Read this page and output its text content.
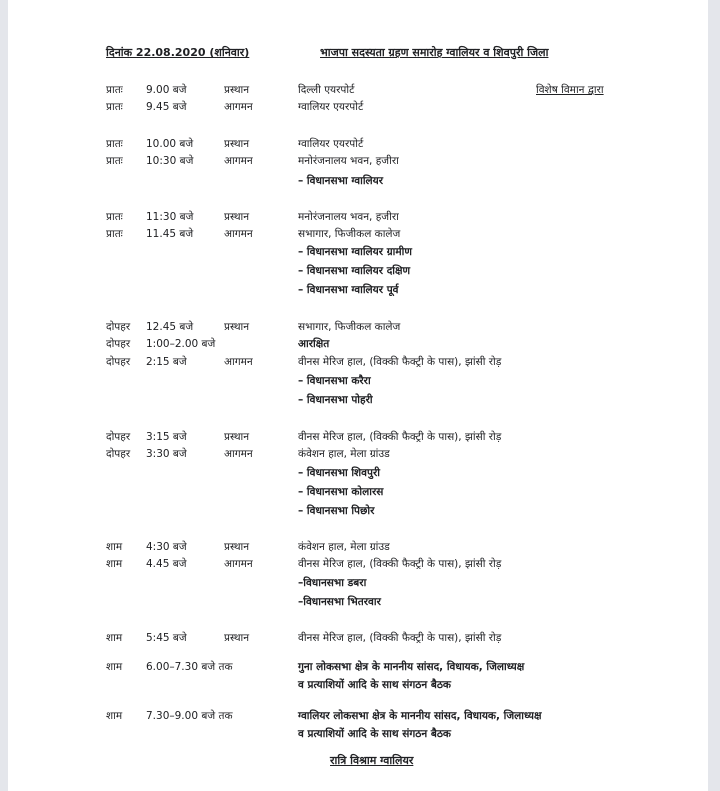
दिनांक 22.08.2020 (शनिवार)	भाजपा सदस्यता ग्रहण समारोह ग्वालियर व शिवपुरी जिला
प्रातः 9.00 बजे	प्रस्थान	दिल्ली एयरपोर्ट	विशेष विमान द्वारा
प्रातः 9.45 बजे	आगमन	ग्वालियर एयरपोर्ट
प्रातः 10.00 बजे	प्रस्थान	ग्वालियर एयरपोर्ट
प्रातः 10:30 बजे	आगमन	मनोरंजनालय भवन, हजीरा
– विधानसभा ग्वालियर
प्रातः 11:30 बजे	प्रस्थान	मनोरंजनालय भवन, हजीरा
प्रातः 11.45 बजे	आगमन	सभागार, फिजीकल कालेज
– विधानसभा ग्वालियर ग्रामीण
– विधानसभा ग्वालियर दक्षिण
– विधानसभा ग्वालियर पूर्व
दोपहर 12.45 बजे	प्रस्थान	सभागार, फिजीकल कालेज
दोपहर 1:00–2.00 बजे	आरक्षित
दोपहर 2:15 बजे	आगमन	वीनस मेरिज हाल, (विक्की फैक्ट्री के पास), झांसी रोड़
– विधानसभा करैरा
– विधानसभा पोहरी
दोपहर 3:15 बजे	प्रस्थान	वीनस मेरिज हाल, (विक्की फैक्ट्री के पास), झांसी रोड़
दोपहर 3:30 बजे	आगमन	कंवेशन हाल, मेला ग्रांउड
– विधानसभा शिवपुरी
– विधानसभा कोलारस
– विधानसभा पिछोर
शाम 4:30 बजे	प्रस्थान	कंवेशन हाल, मेला ग्रांउड
शाम 4.45 बजे	आगमन	वीनस मेरिज हाल, (विक्की फैक्ट्री के पास), झांसी रोड़
–विधानसभा डबरा
–विधानसभा भितरवार
शाम 5:45 बजे	प्रस्थान	वीनस मेरिज हाल, (विक्की फैक्ट्री के पास), झांसी रोड़
शाम 6.00–7.30 बजे तक	गुना लोकसभा क्षेत्र के माननीय सांसद, विधायक, जिलाध्यक्ष
व प्रत्याशियों आदि के साथ संगठन बैठक
शाम 7.30–9.00 बजे तक	ग्वालियर लोकसभा क्षेत्र के माननीय सांसद, विधायक, जिलाध्यक्ष
व प्रत्याशियों आदि के साथ संगठन बैठक
रात्रि विश्राम ग्वालियर
